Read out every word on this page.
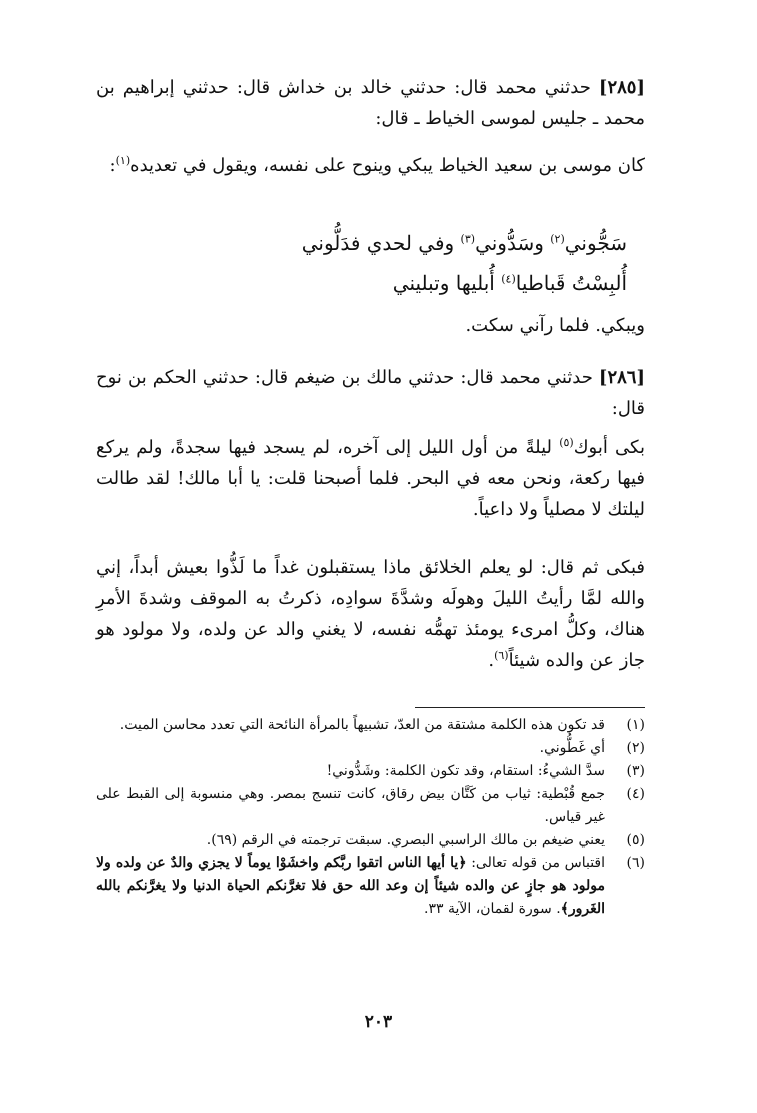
[٢٨٥] حدثني محمد قال: حدثني خالد بن خداش قال: حدثني إبراهيم بن محمد ـ جليس لموسى الخياط ـ قال:

كان موسى بن سعيد الخياط يبكي وينوح على نفسه، ويقول في تعديده$^{(١)}$:

سَجُّوني$^{(٢)}$ وسَدُّوني$^{(٣)}$ وفي لحدي فدَلُّوني
أُلبِسْتُ قَباطيا$^{(٤)}$ أُبليها وتبليني

ويبكي. فلما رآني سكت.

[٢٨٦] حدثني محمد قال: حدثني مالك بن ضيغم قال: حدثني الحكم بن نوح قال:

بكى أبوك$^{(٥)}$ ليلةً من أول الليل إلى آخره، لم يسجد فيها سجدةً، ولم يركع فيها ركعة، ونحن معه في البحر. فلما أصبحنا قلت: يا أبا مالك! لقد طالت ليلتك لا مصلياً ولا داعياً.

فبكى ثم قال: لو يعلم الخلائق ماذا يستقبلون غداً ما لَذُّوا بعيش أبداً، إني والله لمَّا رأيتُ الليلَ وهولَه وشدَّةَ سوادِه، ذكرتُ به الموقف وشدةَ الأمرِ هناك، وكلُّ امرىء يومئذ تهمُّه نفسه، لا يغني والد عن ولده، ولا مولود هو جاز عن والده شيئاً$^{(٦)}$.

(١)
قد تكون هذه الكلمة مشتقة من العدّ، تشبيهاً بالمرأة النائحة التي تعدد محاسن الميت.
(٢)
أي غَطُّوني.
(٣)
سدَّ الشيءُ: استقام، وقد تكون الكلمة: وشَدُّوني!
(٤)
جمع قُبْطية: ثياب من كَتَّان بيض رقاق، كانت تنسج بمصر. وهي منسوبة إلى القبط على غير قياس.
(٥)
يعني ضيغم بن مالك الراسبي البصري. سبقت ترجمته في الرقم (٦٩).
(٦)
اقتباس من قوله تعالى: ﴿يا أيها الناس اتقوا ربَّكم واخشَوْا يوماً لا يجزي والدٌ عن ولده ولا مولود هو جازٍ عن والده شيئاً إن وعد الله حق فلا تغرَّنكم الحياة الدنيا ولا يغرَّنكم بالله الغَرور﴾. سورة لقمان، الآية ٣٣.
٢٠٣
